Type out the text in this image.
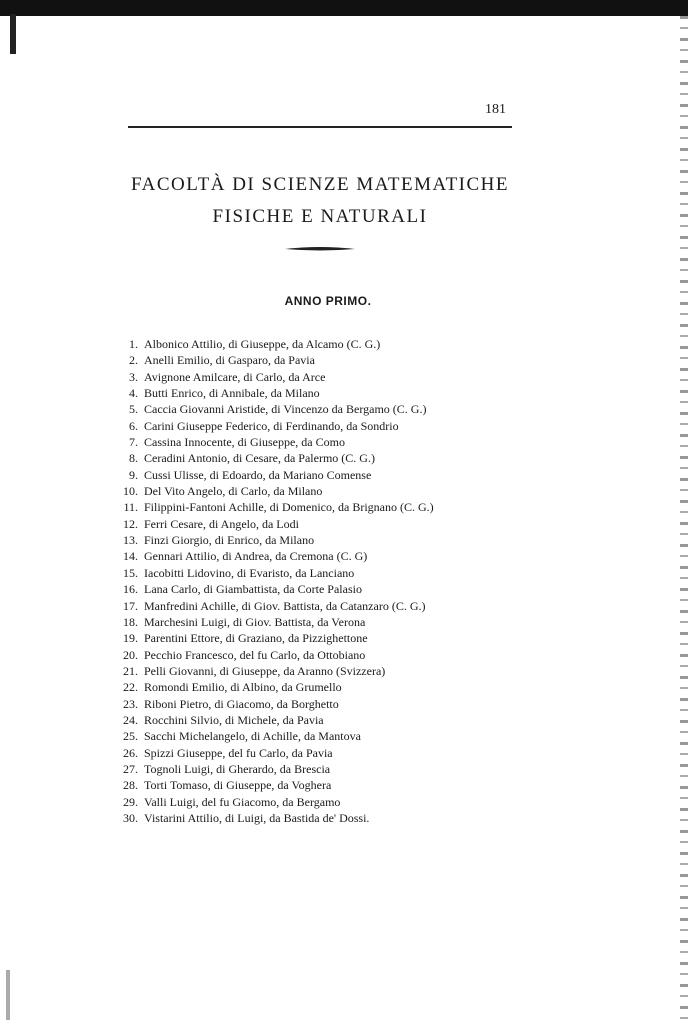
181
FACOLTÀ DI SCIENZE MATEMATICHE
FISICHE E NATURALI
ANNO PRIMO.
1. Albonico Attilio, di Giuseppe, da Alcamo (C. G.)
2. Anelli Emilio, di Gasparo, da Pavia
3. Avignone Amilcare, di Carlo, da Arce
4. Butti Enrico, di Annibale, da Milano
5. Caccia Giovanni Aristide, di Vincenzo da Bergamo (C. G.)
6. Carini Giuseppe Federico, di Ferdinando, da Sondrio
7. Cassina Innocente, di Giuseppe, da Como
8. Ceradini Antonio, di Cesare, da Palermo (C. G.)
9. Cussi Ulisse, di Edoardo, da Mariano Comense
10. Del Vito Angelo, di Carlo, da Milano
11. Filippini-Fantoni Achille, di Domenico, da Brignano (C. G.)
12. Ferri Cesare, di Angelo, da Lodi
13. Finzi Giorgio, di Enrico, da Milano
14. Gennari Attilio, di Andrea, da Cremona (C. G)
15. Iacobitti Lidovino, di Evaristo, da Lanciano
16. Lana Carlo, di Giambattista, da Corte Palasio
17. Manfredini Achille, di Giov. Battista, da Catanzaro (C. G.)
18. Marchesini Luigi, di Giov. Battista, da Verona
19. Parentini Ettore, di Graziano, da Pizzighettone
20. Pecchio Francesco, del fu Carlo, da Ottobiano
21. Pelli Giovanni, di Giuseppe, da Aranno (Svizzera)
22. Romondi Emilio, di Albino, da Grumello
23. Riboni Pietro, di Giacomo, da Borghetto
24. Rocchini Silvio, di Michele, da Pavia
25. Sacchi Michelangelo, di Achille, da Mantova
26. Spizzi Giuseppe, del fu Carlo, da Pavia
27. Tognoli Luigi, di Gherardo, da Brescia
28. Torti Tomaso, di Giuseppe, da Voghera
29. Valli Luigi, del fu Giacomo, da Bergamo
30. Vistarini Attilio, di Luigi, da Bastida de' Dossi.
